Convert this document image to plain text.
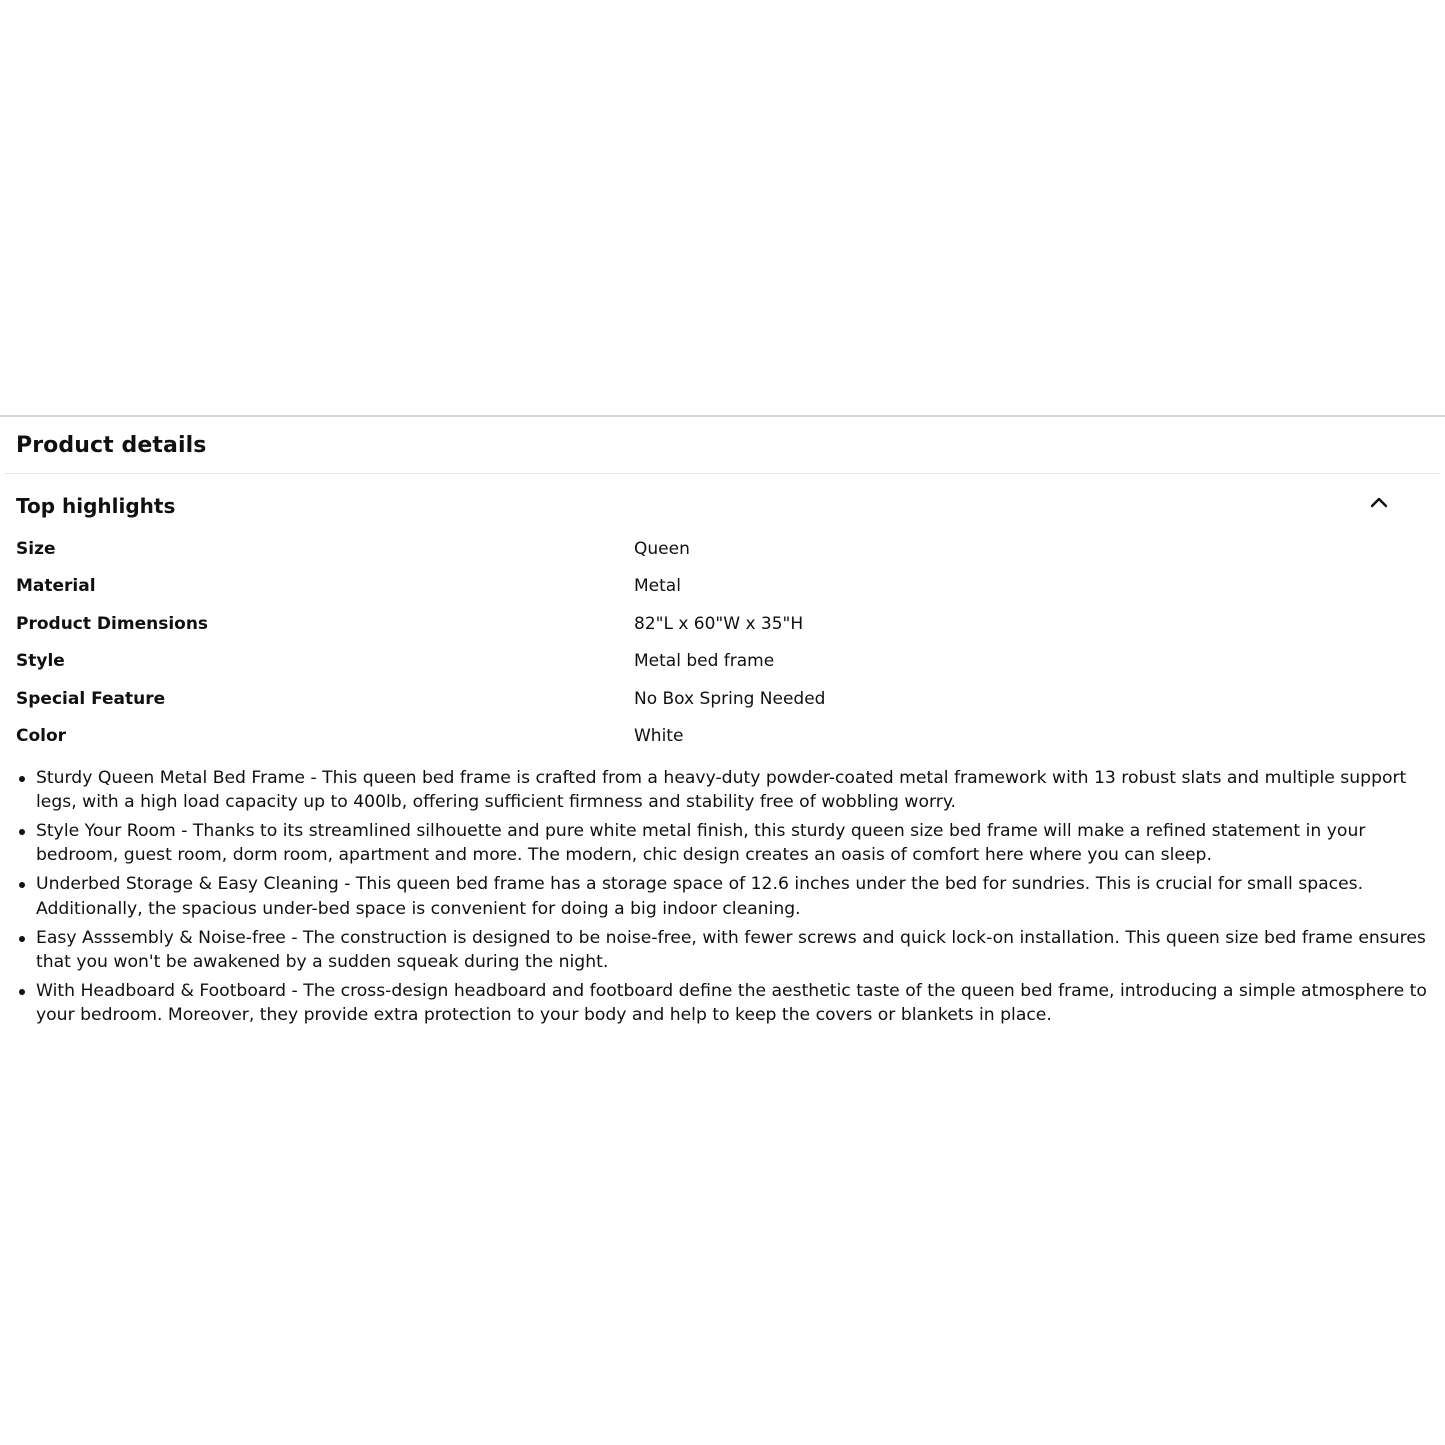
Product details
Top highlights
Size	Queen
Material	Metal
Product Dimensions	82"L x 60"W x 35"H
Style	Metal bed frame
Special Feature	No Box Spring Needed
Color	White
Sturdy Queen Metal Bed Frame - This queen bed frame is crafted from a heavy-duty powder-coated metal framework with 13 robust slats and multiple support legs, with a high load capacity up to 400lb, offering sufficient firmness and stability free of wobbling worry.
Style Your Room - Thanks to its streamlined silhouette and pure white metal finish, this sturdy queen size bed frame will make a refined statement in your bedroom, guest room, dorm room, apartment and more. The modern, chic design creates an oasis of comfort here where you can sleep.
Underbed Storage & Easy Cleaning - This queen bed frame has a storage space of 12.6 inches under the bed for sundries. This is crucial for small spaces. Additionally, the spacious under-bed space is convenient for doing a big indoor cleaning.
Easy Asssembly & Noise-free - The construction is designed to be noise-free, with fewer screws and quick lock-on installation. This queen size bed frame ensures that you won't be awakened by a sudden squeak during the night.
With Headboard & Footboard - The cross-design headboard and footboard define the aesthetic taste of the queen bed frame, introducing a simple atmosphere to your bedroom. Moreover, they provide extra protection to your body and help to keep the covers or blankets in place.
